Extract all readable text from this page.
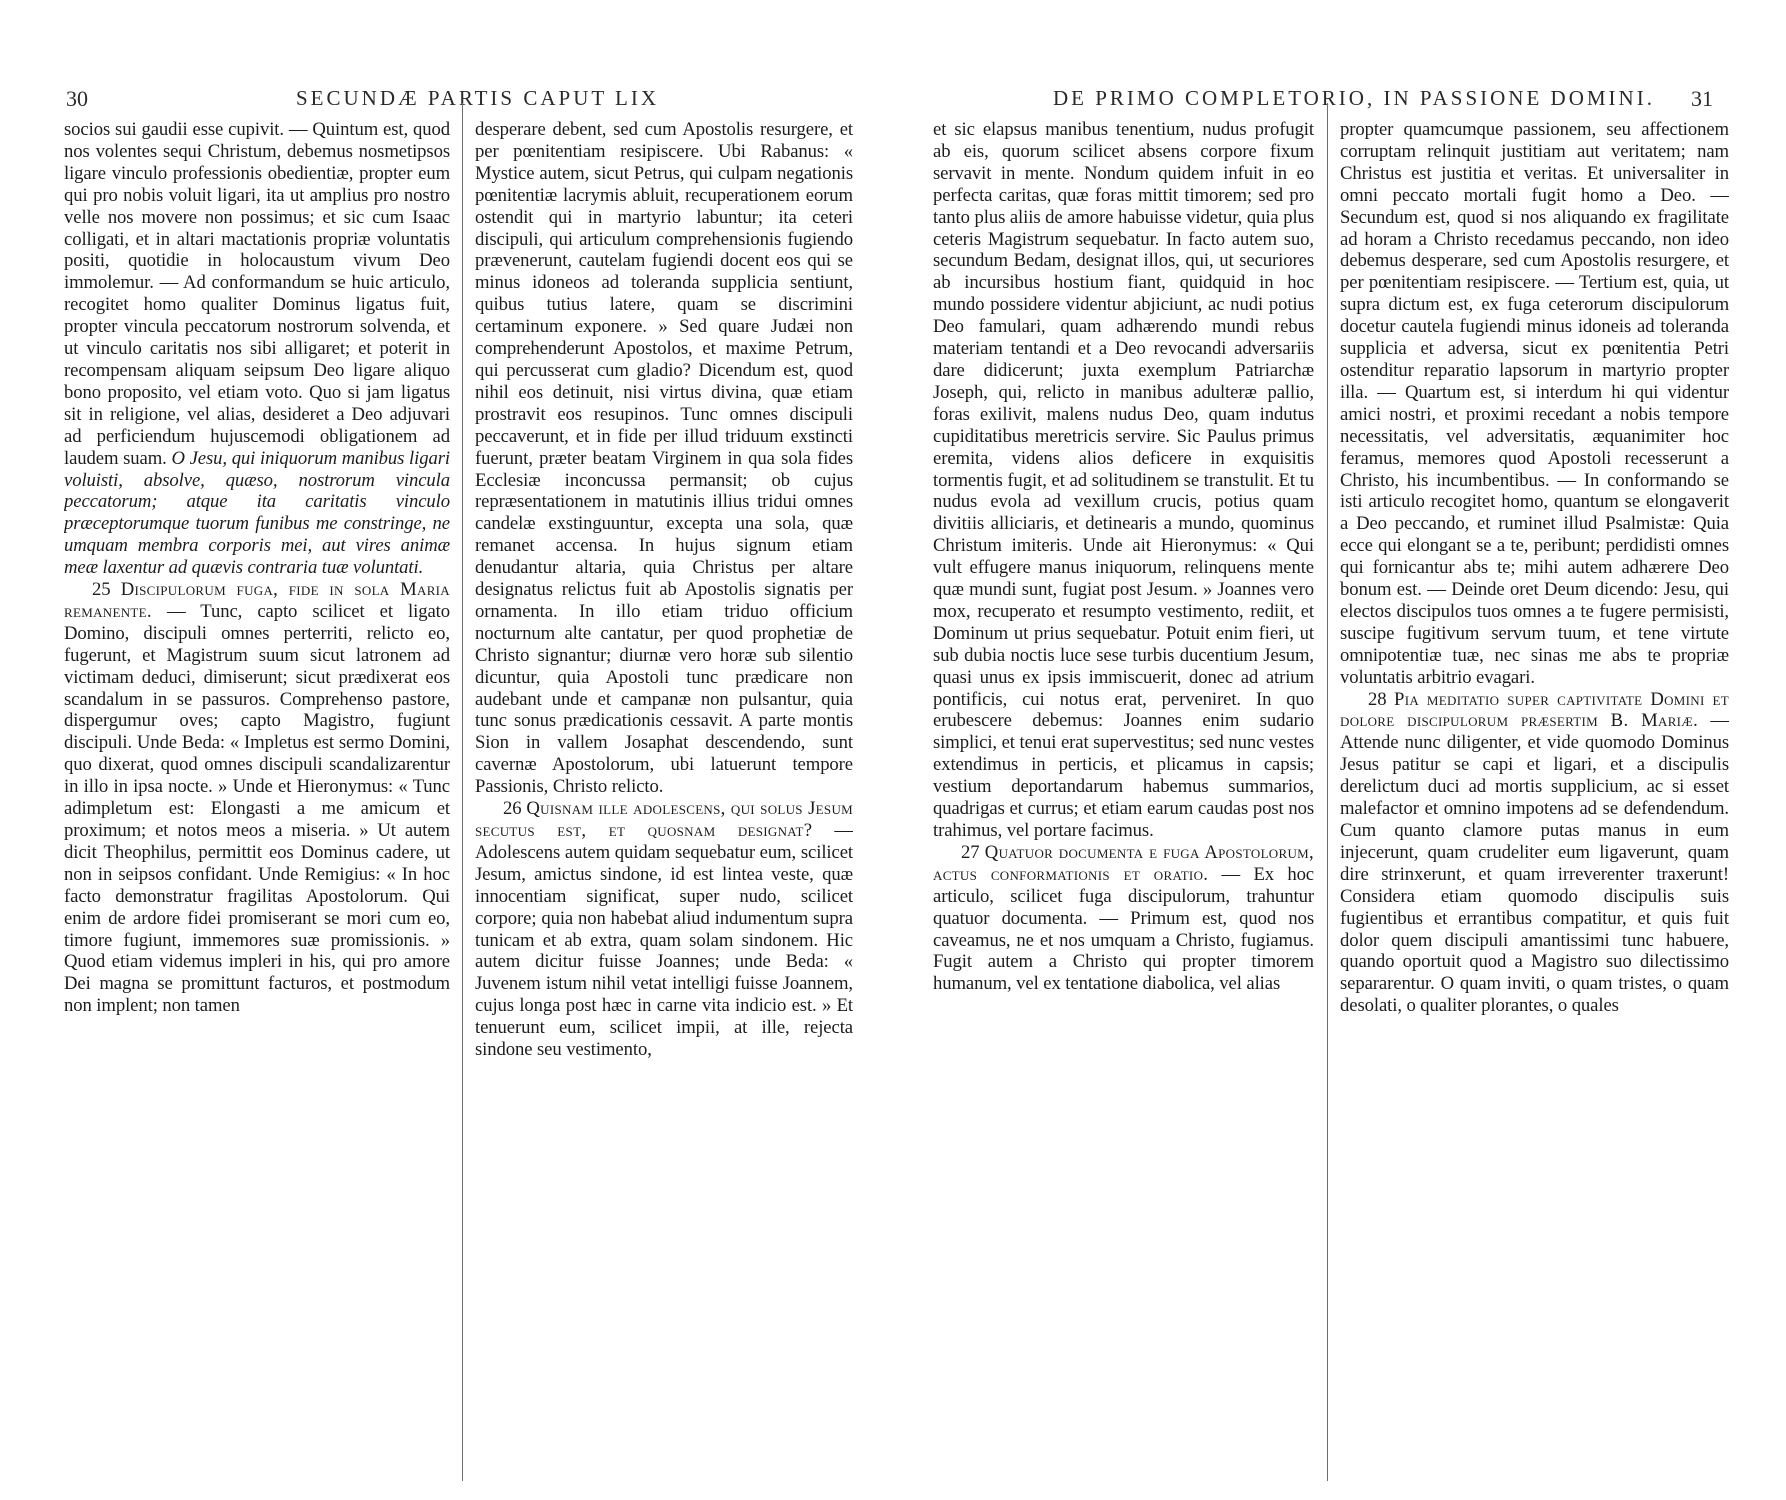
30	SECUNDÆ PARTIS CAPUT LIX

socios sui gaudii esse cupivit. — Quintum est, quod nos volentes sequi Christum, debemus nosmetipsos ligare vinculo professionis obedientiæ, propter eum qui pro nobis voluit ligari, ita ut amplius pro nostro velle nos movere non possimus; et sic cum Isaac colligati, et in altari mactationis propriæ voluntatis positi, quotidie in holocaustum vivum Deo immolemur. — Ad conformandum se huic articulo, recogitet homo qualiter Dominus ligatus fuit, propter vincula peccatorum nostrorum solvenda, et ut vinculo caritatis nos sibi alligaret; et poterit in recompensam aliquam seipsum Deo ligare aliquo bono proposito, vel etiam voto. Quo si jam ligatus sit in religione, vel alias, desideret a Deo adjuvari ad perficiendum hujuscemodi obligationem ad laudem suam. O Jesu, qui iniquorum manibus ligari voluisti, absolve, quæso, nostrorum vincula peccatorum; atque ita caritatis vinculo præceptorumque tuorum funibus me constringe, ne umquam membra corporis mei, aut vires animæ meæ laxentur ad quævis contraria tuæ voluntati.

25 Discipulorum fuga, fide in sola Maria remanente. — Tunc, capto scilicet et ligato Domino, discipuli omnes perterriti, relicto eo, fugerunt, et Magistrum suum sicut latronem ad victimam deduci, dimiserunt; sicut prædixerat eos scandalum in se passuros. Comprehenso pastore, dispergumur oves; capto Magistro, fugiunt discipuli. Unde Beda: « Impletus est sermo Domini, quo dixerat, quod omnes discipuli scandalizarentur in illo in ipsa nocte. » Unde et Hieronymus: « Tunc adimpletum est: Elongasti a me amicum et proximum; et notos meos a miseria. » Ut autem dicit Theophilus, permittit eos Dominus cadere, ut non in seipsos confidant. Unde Remigius: « In hoc facto demonstratur fragilitas Apostolorum. Qui enim de ardore fidei promiserant se mori cum eo, timore fugiunt, immemores suæ promissionis. » Quod etiam videmus impleri in his, qui pro amore Dei magna se promittunt facturos, et postmodum non implent; non tamen

desperare debent, sed cum Apostolis resurgere, et per pœnitentiam resipiscere. Ubi Rabanus: « Mystice autem, sicut Petrus, qui culpam negationis pœnitentiæ lacrymis abluit, recuperationem eorum ostendit qui in martyrio labuntur; ita ceteri discipuli, qui articulum comprehensionis fugiendo prævenerunt, cautelam fugiendi docent eos qui se minus idoneos ad toleranda supplicia sentiunt, quibus tutius latere, quam se discrimini certaminum exponere. » Sed quare Judæi non comprehenderunt Apostolos, et maxime Petrum, qui percusserat cum gladio? Dicendum est, quod nihil eos detinuit, nisi virtus divina, quæ etiam prostravit eos resupinos. Tunc omnes discipuli peccaverunt, et in fide per illud triduum exstincti fuerunt, præter beatam Virginem in qua sola fides Ecclesiæ inconcussa permansit; ob cujus repræsentationem in matutinis illius tridui omnes candelæ exstinguuntur, excepta una sola, quæ remanet accensa. In hujus signum etiam denudantur altaria, quia Christus per altare designatus relictus fuit ab Apostolis signatis per ornamenta. In illo etiam triduo officium nocturnum alte cantatur, per quod prophetiæ de Christo signantur; diurnæ vero horæ sub silentio dicuntur, quia Apostoli tunc prædicare non audebant unde et campanæ non pulsantur, quia tunc sonus prædicationis cessavit. A parte montis Sion in vallem Josaphat descendendo, sunt cavernæ Apostolorum, ubi latuerunt tempore Passionis, Christo relicto.

26 Quisnam ille adolescens, qui solus Jesum secutus est, et quosnam designat? — Adolescens autem quidam sequebatur eum, scilicet Jesum, amictus sindone, id est lintea veste, quæ innocentiam significat, super nudo, scilicet corpore; quia non habebat aliud indumentum supra tunicam et ab extra, quam solam sindonem. Hic autem dicitur fuisse Joannes; unde Beda: « Juvenem istum nihil vetat intelligi fuisse Joannem, cujus longa post hæc in carne vita indicio est. » Et tenuerunt eum, scilicet impii, at ille, rejecta sindone seu vestimento,

DE PRIMO COMPLETORIO, IN PASSIONE DOMINI. 31

et sic elapsus manibus tenentium, nudus profugit ab eis, quorum scilicet absens corpore fixum servavit in mente. Nondum quidem infuit in eo perfecta caritas, quæ foras mittit timorem; sed pro tanto plus aliis de amore habuisse videtur, quia plus ceteris Magistrum sequebatur. In facto autem suo, secundum Bedam, designat illos, qui, ut securiores ab incursibus hostium fiant, quidquid in hoc mundo possidere videntur abjiciunt, ac nudi potius Deo famulari, quam adhærendo mundi rebus materiam tentandi et a Deo revocandi adversariis dare didicerunt; juxta exemplum Patriarchæ Joseph, qui, relicto in manibus adulteræ pallio, foras exilivit, malens nudus Deo, quam indutus cupiditatibus meretricis servire. Sic Paulus primus eremita, videns alios deficere in exquisitis tormentis fugit, et ad solitudinem se transtulit. Et tu nudus evola ad vexillum crucis, potius quam divitiis alliciaris, et detinearis a mundo, quominus Christum imiteris. Unde ait Hieronymus: « Qui vult effugere manus iniquorum, relinquens mente quæ mundi sunt, fugiat post Jesum. » Joannes vero mox, recuperato et resumpto vestimento, rediit, et Dominum ut prius sequebatur. Potuit enim fieri, ut sub dubia noctis luce sese turbis ducentium Jesum, quasi unus ex ipsis immiscuerit, donec ad atrium pontificis, cui notus erat, perveniret. In quo erubescere debemus: Joannes enim sudario simplici, et tenui erat supervestitus; sed nunc vestes extendimus in perticis, et plicamus in capsis; vestium deportandarum habemus summarios, quadrigas et currus; et etiam earum caudas post nos trahimus, vel portare facimus.

27 Quatuor documenta e fuga Apostolorum, actus conformationis et oratio. — Ex hoc articulo, scilicet fuga discipulorum, trahuntur quatuor documenta. — Primum est, quod nos caveamus, ne et nos umquam a Christo, fugiamus. Fugit autem a Christo qui propter timorem humanum, vel ex tentatione diabolica, vel alias

propter quamcumque passionem, seu affectionem corruptam relinquit justitiam aut veritatem; nam Christus est justitia et veritas. Et universaliter in omni peccato mortali fugit homo a Deo. — Secundum est, quod si nos aliquando ex fragilitate ad horam a Christo recedamus peccando, non ideo debemus desperare, sed cum Apostolis resurgere, et per pœnitentiam resipiscere. — Tertium est, quia, ut supra dictum est, ex fuga ceterorum discipulorum docetur cautela fugiendi minus idoneis ad toleranda supplicia et adversa, sicut ex pœnitentia Petri ostenditur reparatio lapsorum in martyrio propter illa. — Quartum est, si interdum hi qui videntur amici nostri, et proximi recedant a nobis tempore necessitatis, vel adversitatis, æquanimiter hoc feramus, memores quod Apostoli recesserunt a Christo, his incumbentibus. — In conformando se isti articulo recogitet homo, quantum se elongaverit a Deo peccando, et ruminet illud Psalmistæ: Quia ecce qui elongant se a te, peribunt; perdidisti omnes qui fornicantur abs te; mihi autem adhærere Deo bonum est. — Deinde oret Deum dicendo: Jesu, qui electos discipulos tuos omnes a te fugere permisisti, suscipe fugitivum servum tuum, et tene virtute omnipotentiæ tuæ, nec sinas me abs te propriæ voluntatis arbitrio evagari.

28 Pia meditatio super captivitate Domini et dolore discipulorum præsertim B. Mariæ. — Attende nunc diligenter, et vide quomodo Dominus Jesus patitur se capi et ligari, et a discipulis derelictum duci ad mortis supplicium, ac si esset malefactor et omnino impotens ad se defendendum. Cum quanto clamore putas manus in eum injecerunt, quam crudeliter eum ligaverunt, quam dire strinxerunt, et quam irreverenter traxerunt! Considera etiam quomodo discipulis suis fugientibus et errantibus compatitur, et quis fuit dolor quem discipuli amantissimi tunc habuere, quando oportuit quod a Magistro suo dilectissimo separarentur. O quam inviti, o quam tristes, o quam desolati, o qualiter plorantes, o quales
